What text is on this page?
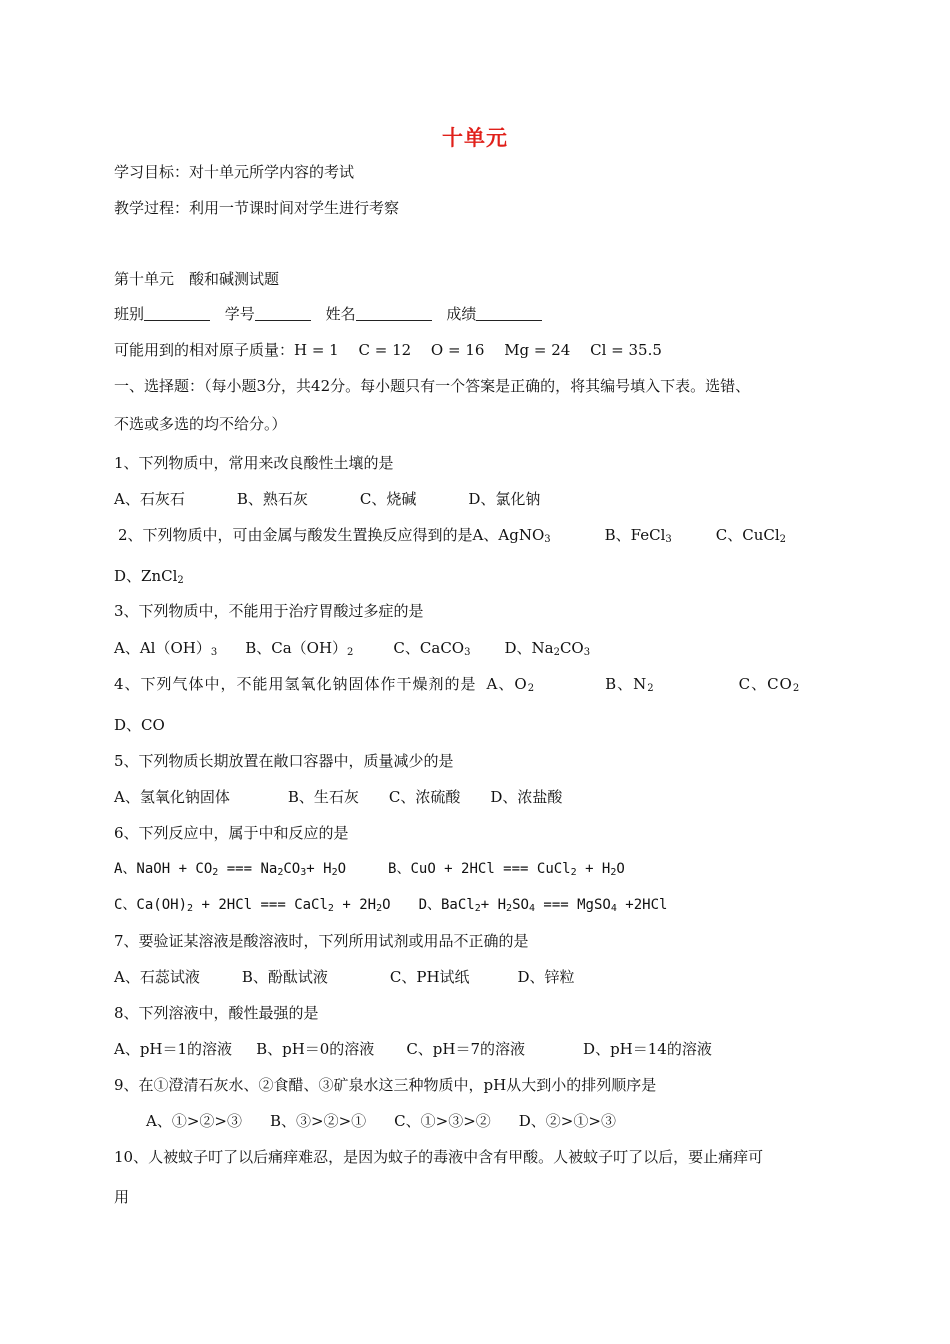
十单元
学习目标：对十单元所学内容的考试
教学过程：利用一节课时间对学生进行考察
第十单元　酸和碱测试题
班别	学号	姓名	成绩
可能用到的相对原子质量：H = 1　 C = 12　 O = 16　 Mg = 24　 Cl = 35.5
一、选择题：（每小题3分，共42分。每小题只有一个答案是正确的，将其编号填入下表。选错、
不选或多选的均不给分。）
1、下列物质中，常用来改良酸性土壤的是
A、石灰石	B、熟石灰	C、烧碱	D、氯化钠
2、下列物质中，可由金属与酸发生置换反应得到的是A、AgNO$_3$	B、FeCl$_3$	C、CuCl$_2$
D、ZnCl$_2$
3、下列物质中，不能用于治疗胃酸过多症的是
A、$Al(OH)_3$ B、$Ca(OH)_2$	C、CaCO$_3$ D、$Na_2CO_3$
4、下列气体中，不能用氢氧化钠固体作干燥剂的是 A、$O_2$	B、$N_2$	C、$CO_2$
D、CO
5、下列物质长期放置在敞口容器中，质量减少的是
A、氢氧化钠固体	B、生石灰 C、浓硫酸 D、浓盐酸
6、下列反应中，属于中和反应的是
A、NaOH + $CO_2$ === $Na_2CO_3+ H_2O$	B、CuO + 2HCl === CuCl$_2$ + $H_2O$
C、$Ca(OH)_2 + 2HCl$ === CaCl$_2$ + $2H_2O$ D、BaCl$_2$+ $H_2SO_4$ === MgSO$_4$ +2HCl
7、要验证某溶液是酸溶液时，下列所用试剂或用品不正确的是
A、石蕊试液	B、酚酞试液	C、PH试纸	D、锌粒
8、下列溶液中，酸性最强的是
A、pH＝1的溶液 B、pH＝0的溶液 C、pH＝7的溶液	D、pH＝14的溶液
9、在①澄清石灰水、②食醋、③矿泉水这三种物质中，pH从大到小的排列顺序是
A、①>②>③ B、③>②>① C、①>③>② D、②>①>③
10、人被蚊子叮了以后痛痒难忍，是因为蚊子的毒液中含有甲酸。人被蚊子叮了以后，要止痛痒可
用
